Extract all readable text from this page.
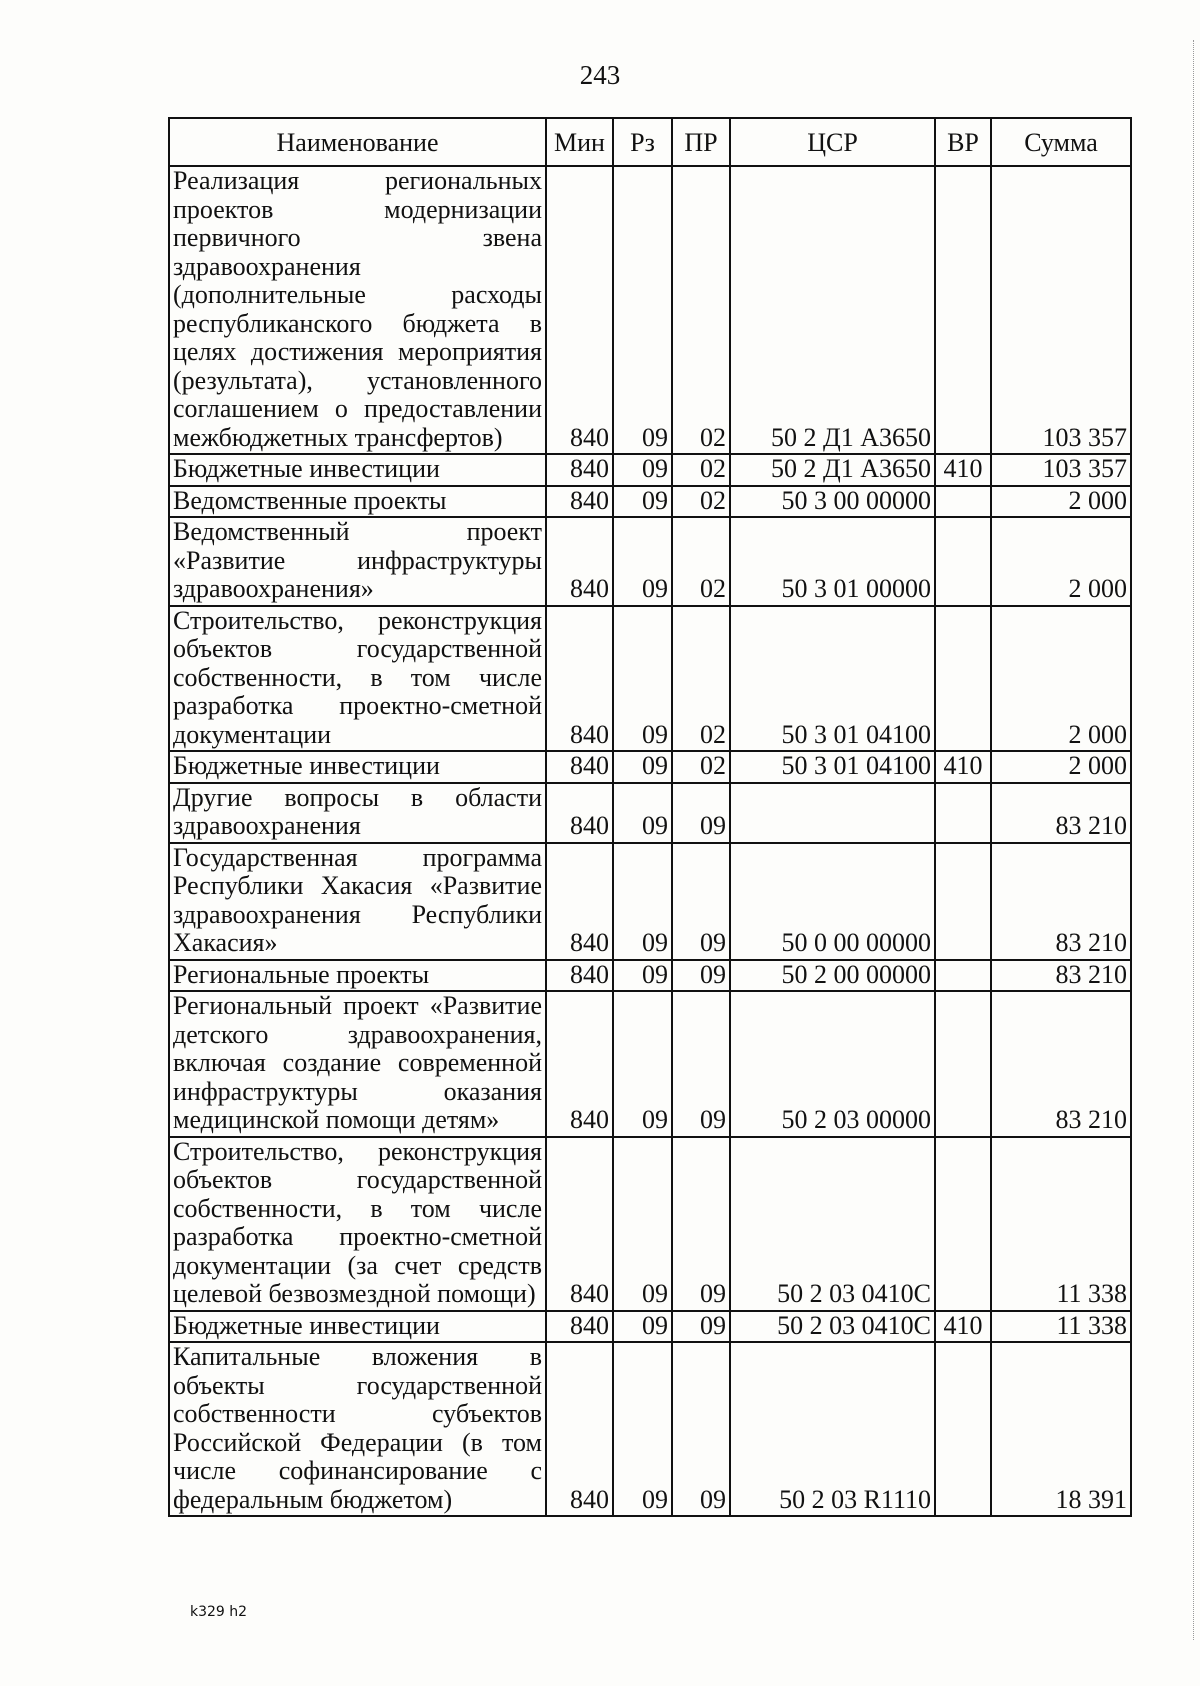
243
Наименование	Мин	Рз	ПР	ЦСР	ВР	Сумма
Реализация региональных проектов модернизации первичного звена здравоохранения (дополнительные расходы республиканского бюджета в целях достижения мероприятия (результата), установленного соглашением о предоставлении межбюджетных трансфертов)	840	09	02	50 2 Д1 А3650		103 357
Бюджетные инвестиции	840	09	02	50 2 Д1 А3650	410	103 357
Ведомственные проекты	840	09	02	50 3 00 00000		2 000
Ведомственный проект «Развитие инфраструктуры здравоохранения»	840	09	02	50 3 01 00000		2 000
Строительство, реконструкция объектов государственной собственности, в том числе разработка проектно-сметной документации	840	09	02	50 3 01 04100		2 000
Бюджетные инвестиции	840	09	02	50 3 01 04100	410	2 000
Другие вопросы в области здравоохранения	840	09	09			83 210
Государственная программа Республики Хакасия «Развитие здравоохранения Республики Хакасия»	840	09	09	50 0 00 00000		83 210
Региональные проекты	840	09	09	50 2 00 00000		83 210
Региональный проект «Развитие детского здравоохранения, включая создание современной инфраструктуры оказания медицинской помощи детям»	840	09	09	50 2 03 00000		83 210
Строительство, реконструкция объектов государственной собственности, в том числе разработка проектно-сметной документации (за счет средств целевой безвозмездной помощи)	840	09	09	50 2 03 0410С		11 338
Бюджетные инвестиции	840	09	09	50 2 03 0410С	410	11 338
Капитальные вложения в объекты государственной собственности субъектов Российской Федерации (в том числе софинансирование с федеральным бюджетом)	840	09	09	50 2 03 R1110		18 391
k329 h2
